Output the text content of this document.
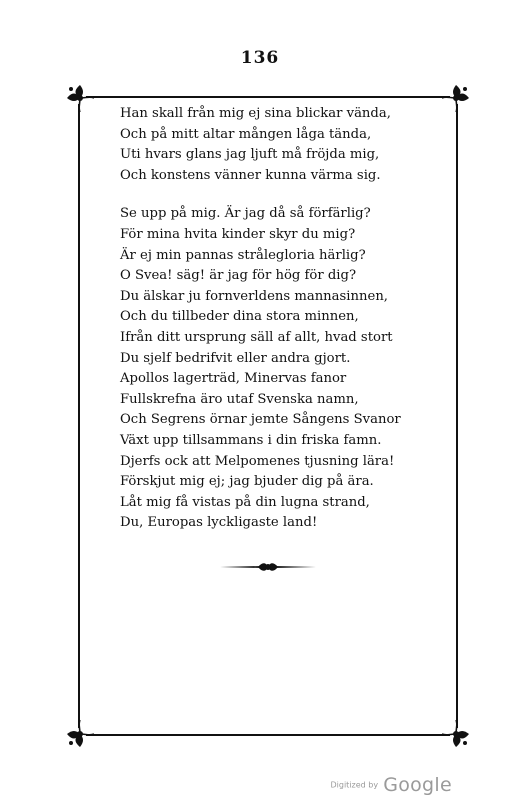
136

Han skall från mig ej sina blickar vända,
Och på mitt altar mången låga tända,
Uti hvars glans jag ljuft må fröjda mig,
Och konstens vänner kunna värma sig.

Se upp på mig. Är jag då så förfärlig?
För mina hvita kinder skyr du mig?
Är ej min pannas strålegloria härlig?
O Svea! säg! är jag för hög för dig?
Du älskar ju fornverldens mannasinnen,
Och du tillbeder dina stora minnen,
Ifrån ditt ursprung säll af allt, hvad stort
Du sjelf bedrifvit eller andra gjort.
Apollos lagerträd, Minervas fanor
Fullskrefna äro utaf Svenska namn,
Och Segrens örnar jemte Sångens Svanor
Växt upp tillsammans i din friska famn.
Djerfs ock att Melpomenes tjusning lära!
Förskjut mig ej; jag bjuder dig på ära.
Låt mig få vistas på din lugna strand,
Du, Europas lyckligaste land!

Digitized by Google
